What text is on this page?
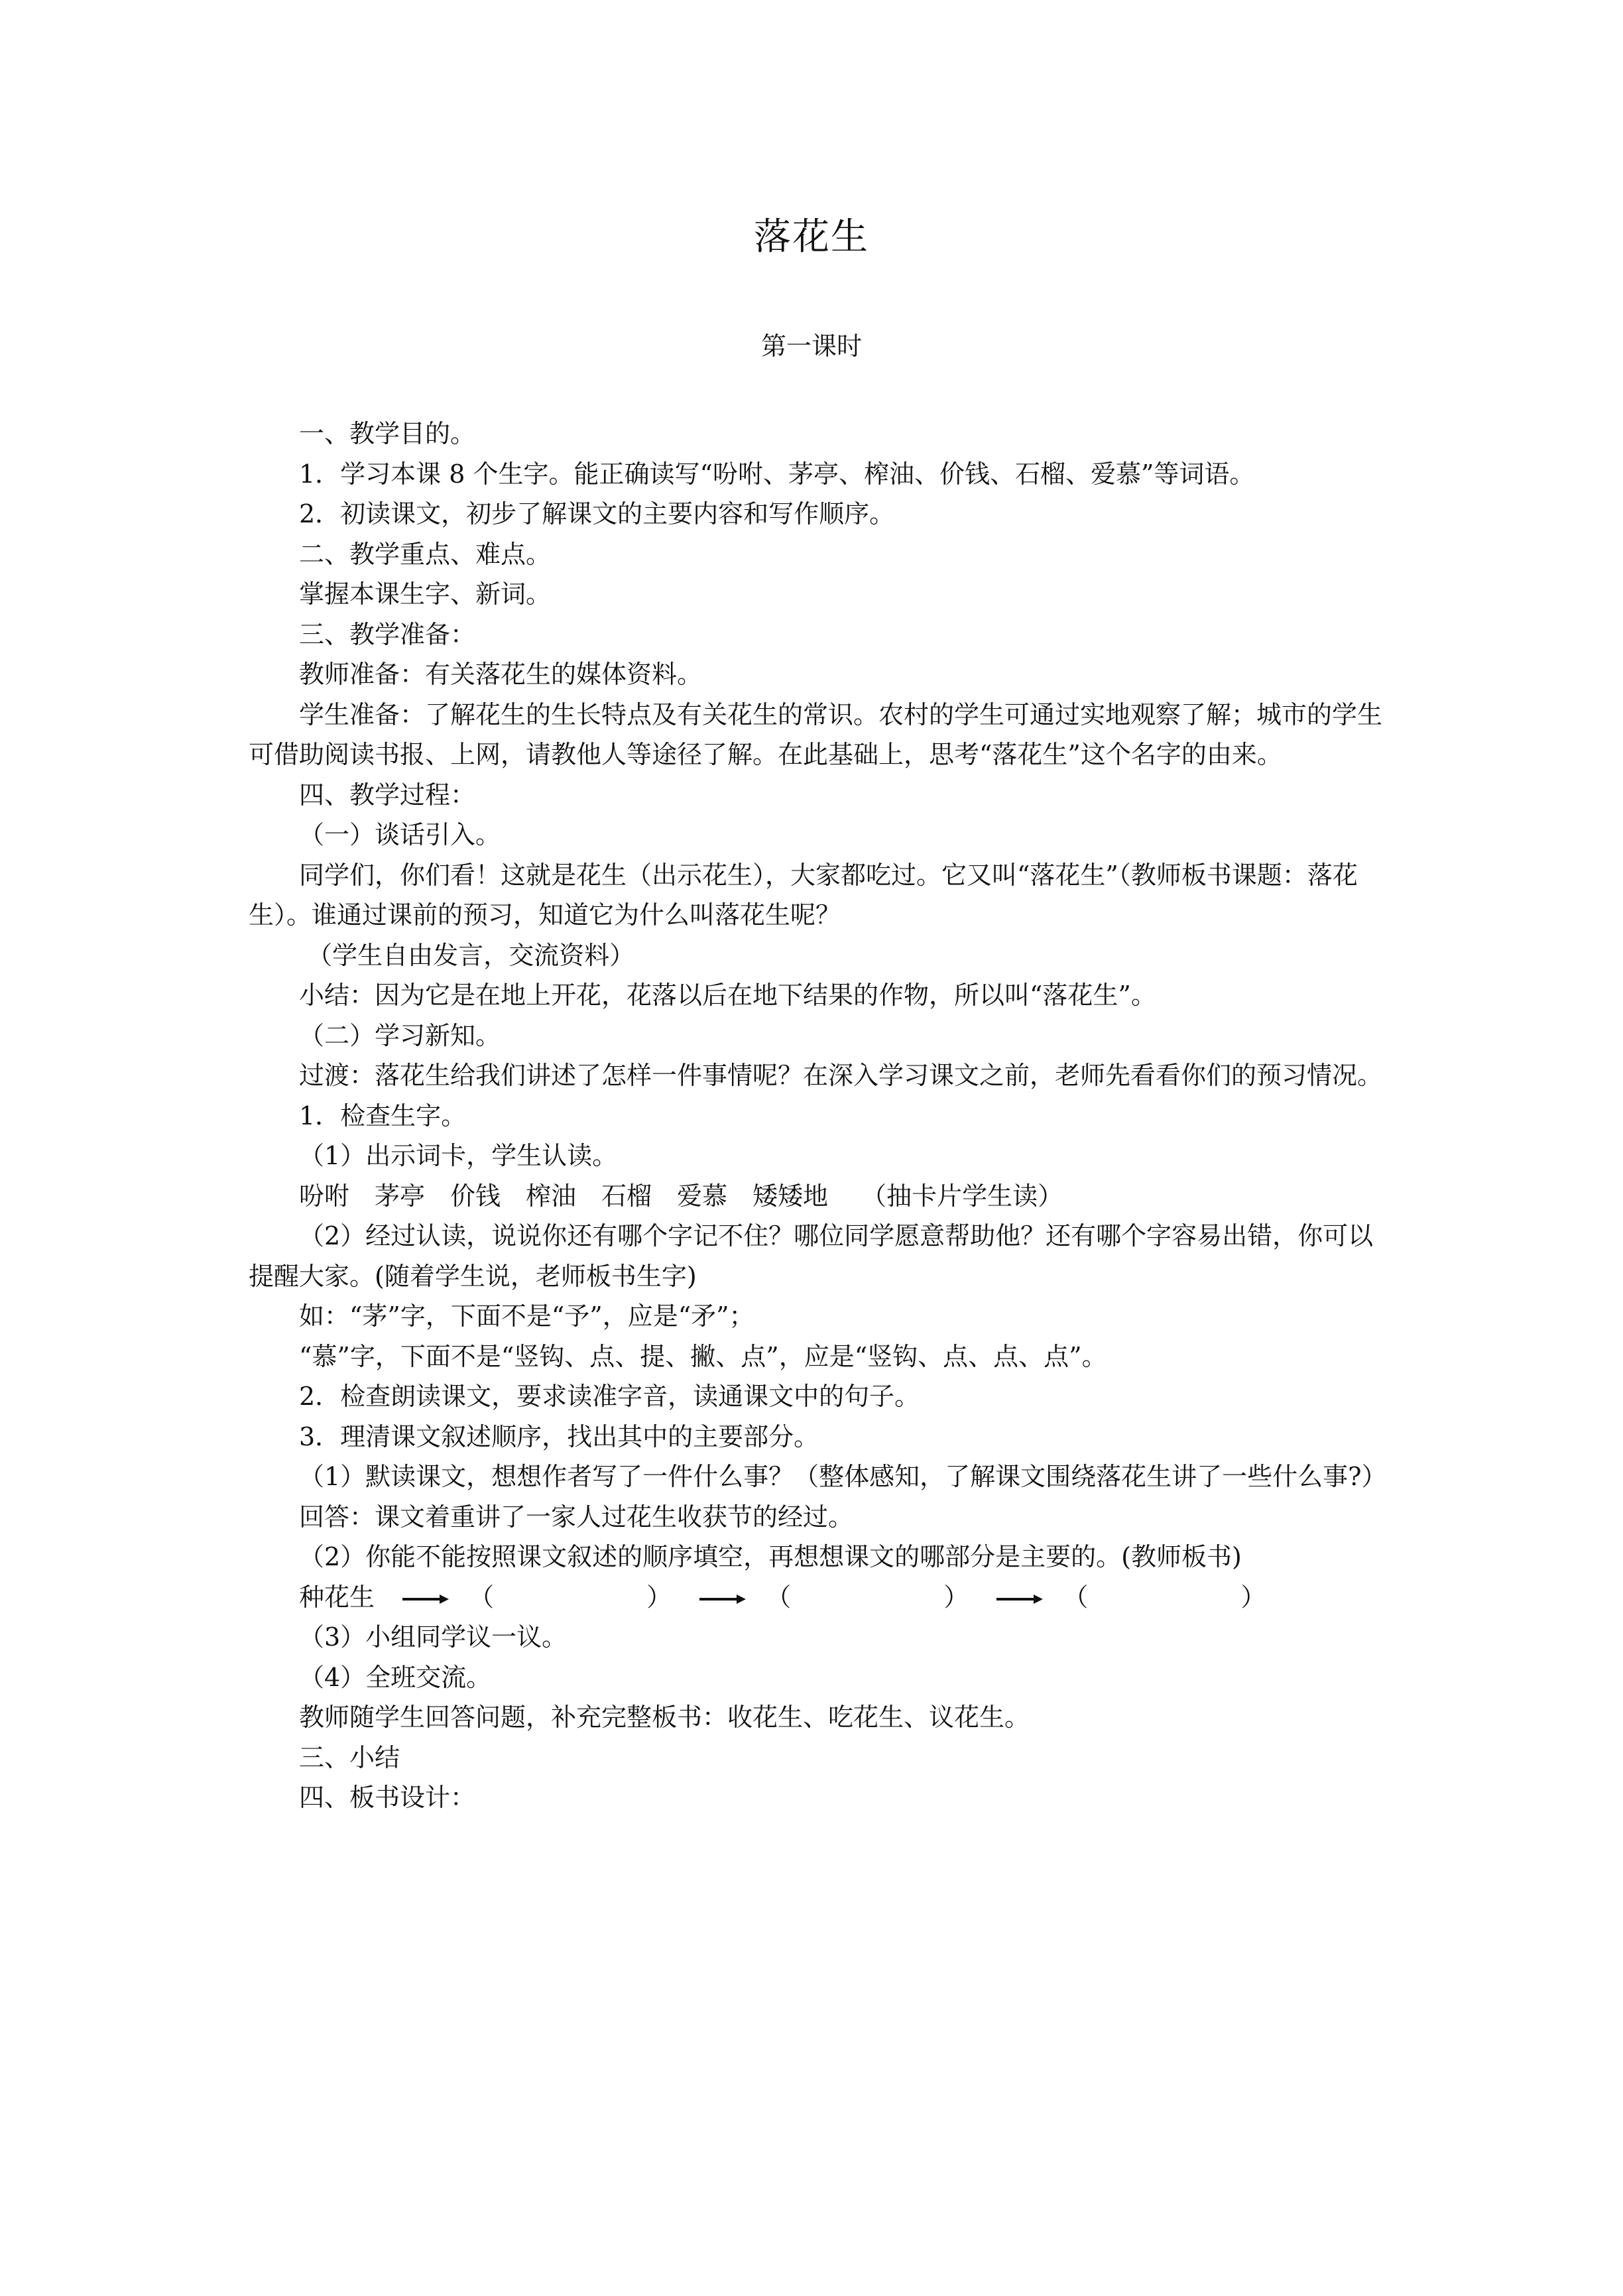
落花生
第一课时

一、教学目的。

1．学习本课 8 个生字。能正确读写“吩咐、茅亭、榨油、价钱、石榴、爱慕”等词语。

2．初读课文，初步了解课文的主要内容和写作顺序。

二、教学重点、难点。

掌握本课生字、新词。

三、教学准备：

教师准备：有关落花生的媒体资料。

学生准备：了解花生的生长特点及有关花生的常识。农村的学生可通过实地观察了解；城市的学生可借助阅读书报、上网，请教他人等途径了解。在此基础上，思考“落花生”这个名字的由来。

四、教学过程：

（一）谈话引入。

同学们，你们看！这就是花生（出示花生），大家都吃过。它又叫“落花生”（教师板书课题：落花生）。谁通过课前的预习，知道它为什么叫落花生呢？

（学生自由发言，交流资料）

小结：因为它是在地上开花，花落以后在地下结果的作物，所以叫“落花生”。

（二）学习新知。

过渡：落花生给我们讲述了怎样一件事情呢？在深入学习课文之前，老师先看看你们的预习情况。

1．检查生字。

（1）出示词卡，学生认读。

吩咐　茅亭　价钱　榨油　石榴　爱慕　矮矮地　 （抽卡片学生读）

（2）经过认读，说说你还有哪个字记不住？哪位同学愿意帮助他？还有哪个字容易出错，你可以提醒大家。(随着学生说，老师板书生字)

如：“茅”字，下面不是“予”，应是“矛”；

“慕”字，下面不是“竖钩、点、提、撇、点”，应是“竖钩、点、点、点”。

2．检查朗读课文，要求读准字音，读通课文中的句子。

3．理清课文叙述顺序，找出其中的主要部分。

（1）默读课文，想想作者写了一件什么事？（整体感知，了解课文围绕落花生讲了一些什么事?）

回答：课文着重讲了一家人过花生收获节的经过。

（2）你能不能按照课文叙述的顺序填空，再想想课文的哪部分是主要的。(教师板书)

种花生	（	）	（	）	（	）

（3）小组同学议一议。

（4）全班交流。

教师随学生回答问题，补充完整板书：收花生、吃花生、议花生。

三、小结

四、板书设计：
